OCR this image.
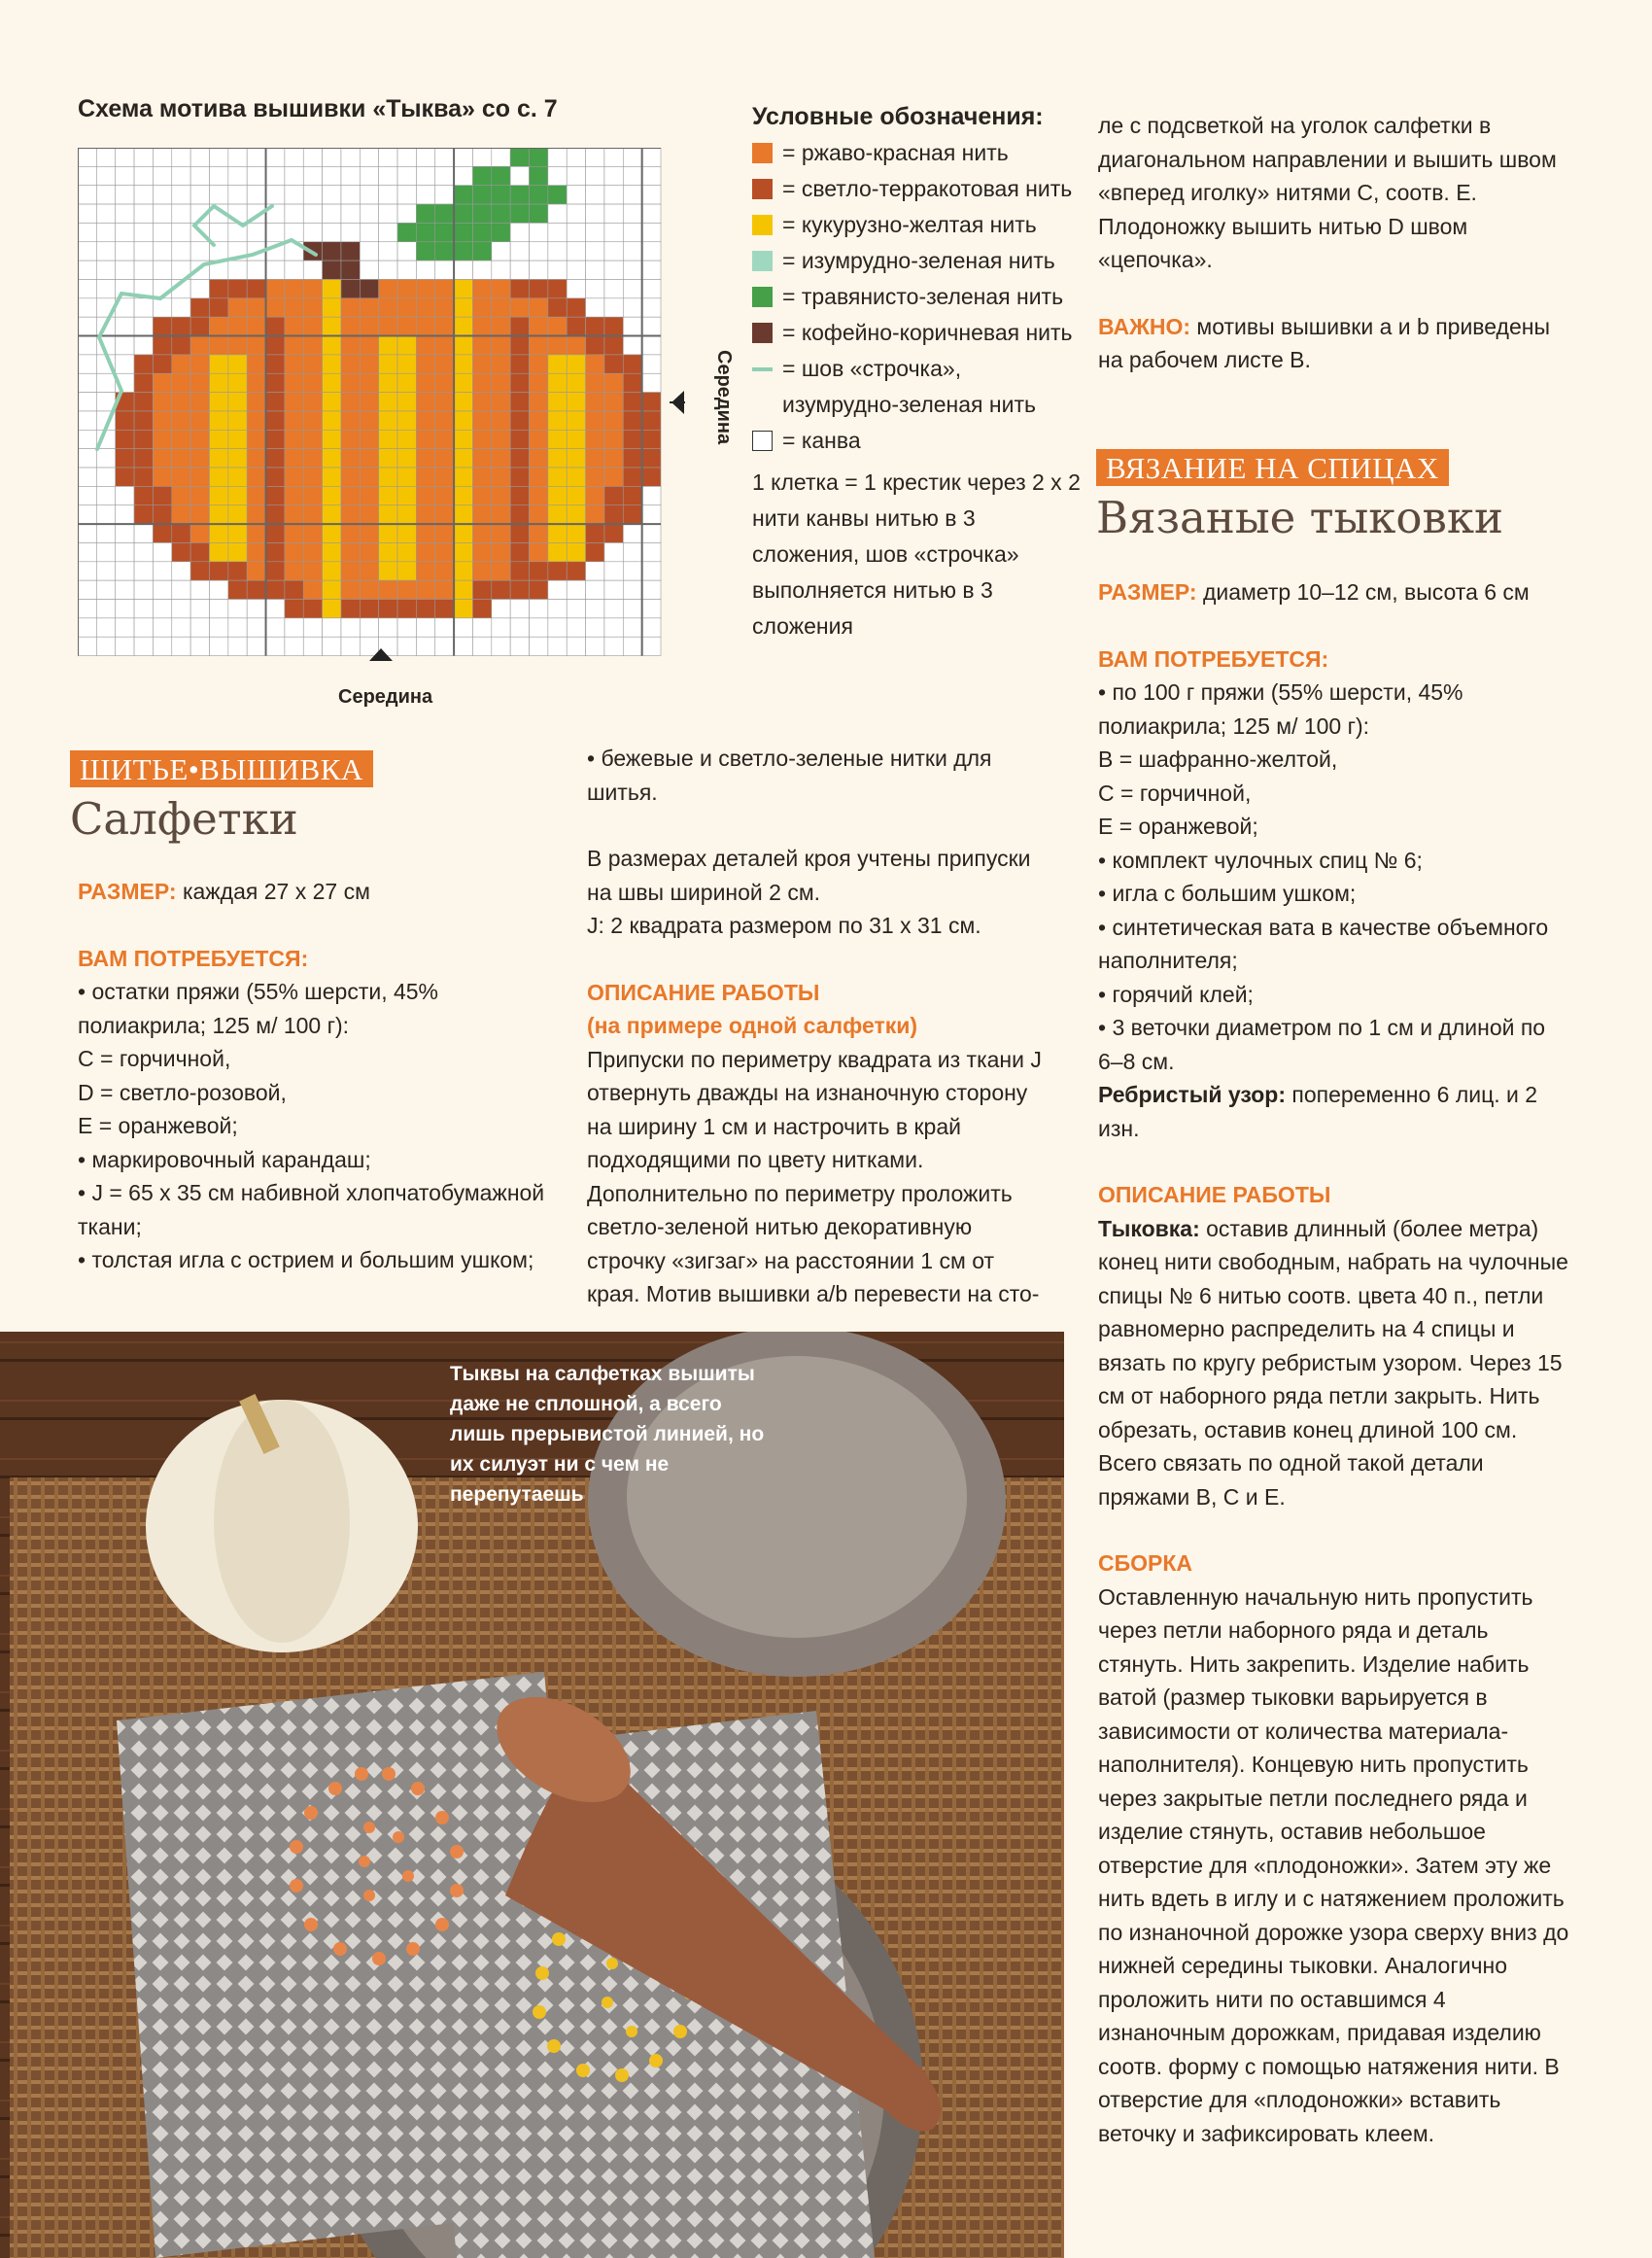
Схема мотива вышивки «Тыква» со с. 7
Середина
Середина
Условные обозначения:
= ржаво-красная нить
= светло-терракотовая нить
= кукурузно-желтая нить
= изумрудно-зеленая нить
= травянисто-зеленая нить
= кофейно-коричневая нить
= шов «строчка», изумрудно-зеленая нить
= канва
1 клетка = 1 крестик через 2 х 2 нити канвы нитью в 3 сложения, шов «строчка» выполняется нитью в 3 сложения

ле с подсветкой на уголок салфетки в диагональном направлении и вышить швом «вперед иголку» нитями C, соотв. E. Плодоножку вышить нитью D швом «цепочка».

ВАЖНО: мотивы вышивки a и b приведены на рабочем листе B.

ВЯЗАНИЕ НА СПИЦАХ
Вязаные тыковки

РАЗМЕР: диаметр 10–12 см, высота 6 см

ВАМ ПОТРЕБУЕТСЯ:

• по 100 г пряжи (55% шерсти, 45% полиакрила; 125 м/ 100 г):

B = шафранно-желтой,

C = горчичной,

E = оранжевой;

• комплект чулочных спиц № 6;

• игла с большим ушком;

• синтетическая вата в качестве объемного наполнителя;

• горячий клей;

• 3 веточки диаметром по 1 см и длиной по 6–8 см.

Ребристый узор: попеременно 6 лиц. и 2 изн.

ОПИСАНИЕ РАБОТЫ

Тыковка: оставив длинный (более метра) конец нити свободным, набрать на чулочные спицы № 6 нитью соотв. цвета 40 п., петли равномерно распределить на 4 спицы и вязать по кругу ребристым узором. Через 15 см от наборного ряда петли закрыть. Нить обрезать, оставив конец длиной 100 см. Всего связать по одной такой детали пряжами B, C и E.

СБОРКА

Оставленную начальную нить пропустить через петли наборного ряда и деталь стянуть. Нить закрепить. Изделие набить ватой (размер тыковки варьируется в зависимости от количества материала-наполнителя). Концевую нить пропустить через закрытые петли последнего ряда и изделие стянуть, оставив небольшое отверстие для «плодоножки». Затем эту же нить вдеть в иглу и с натяжением проложить по изнаночной дорожке узора сверху вниз до нижней середины тыковки. Аналогично проложить нити по оставшимся 4 изнаночным дорожкам, придавая изделию соотв. форму с помощью натяжения нити. В отверстие для «плодоножки» вставить веточку и зафиксировать клеем.

ШИТЬЕ•ВЫШИВКА
Салфетки

РАЗМЕР: каждая 27 х 27 см

ВАМ ПОТРЕБУЕТСЯ:

• остатки пряжи (55% шерсти, 45% полиакрила; 125 м/ 100 г):

C = горчичной,

D = светло-розовой,

E = оранжевой;

• маркировочный карандаш;

• J = 65 х 35 см набивной хлопчатобумажной ткани;

• толстая игла с острием и большим ушком;

• бежевые и светло-зеленые нитки для шитья.

В размерах деталей кроя учтены припуски на швы шириной 2 см.

J: 2 квадрата размером по 31 х 31 см.

ОПИСАНИЕ РАБОТЫ

(на примере одной салфетки)

Припуски по периметру квадрата из ткани J отвернуть дважды на изнаночную сторону на ширину 1 см и настрочить в край подходящими по цвету нитками. Дополнительно по периметру проложить светло-зеленой нитью декоративную строчку «зигзаг» на расстоянии 1 см от края. Мотив вышивки a/b перевести на сто-

Тыквы на салфетках вышиты даже не сплошной, а всего лишь прерывистой линией, но их силуэт ни с чем не перепутаешь
